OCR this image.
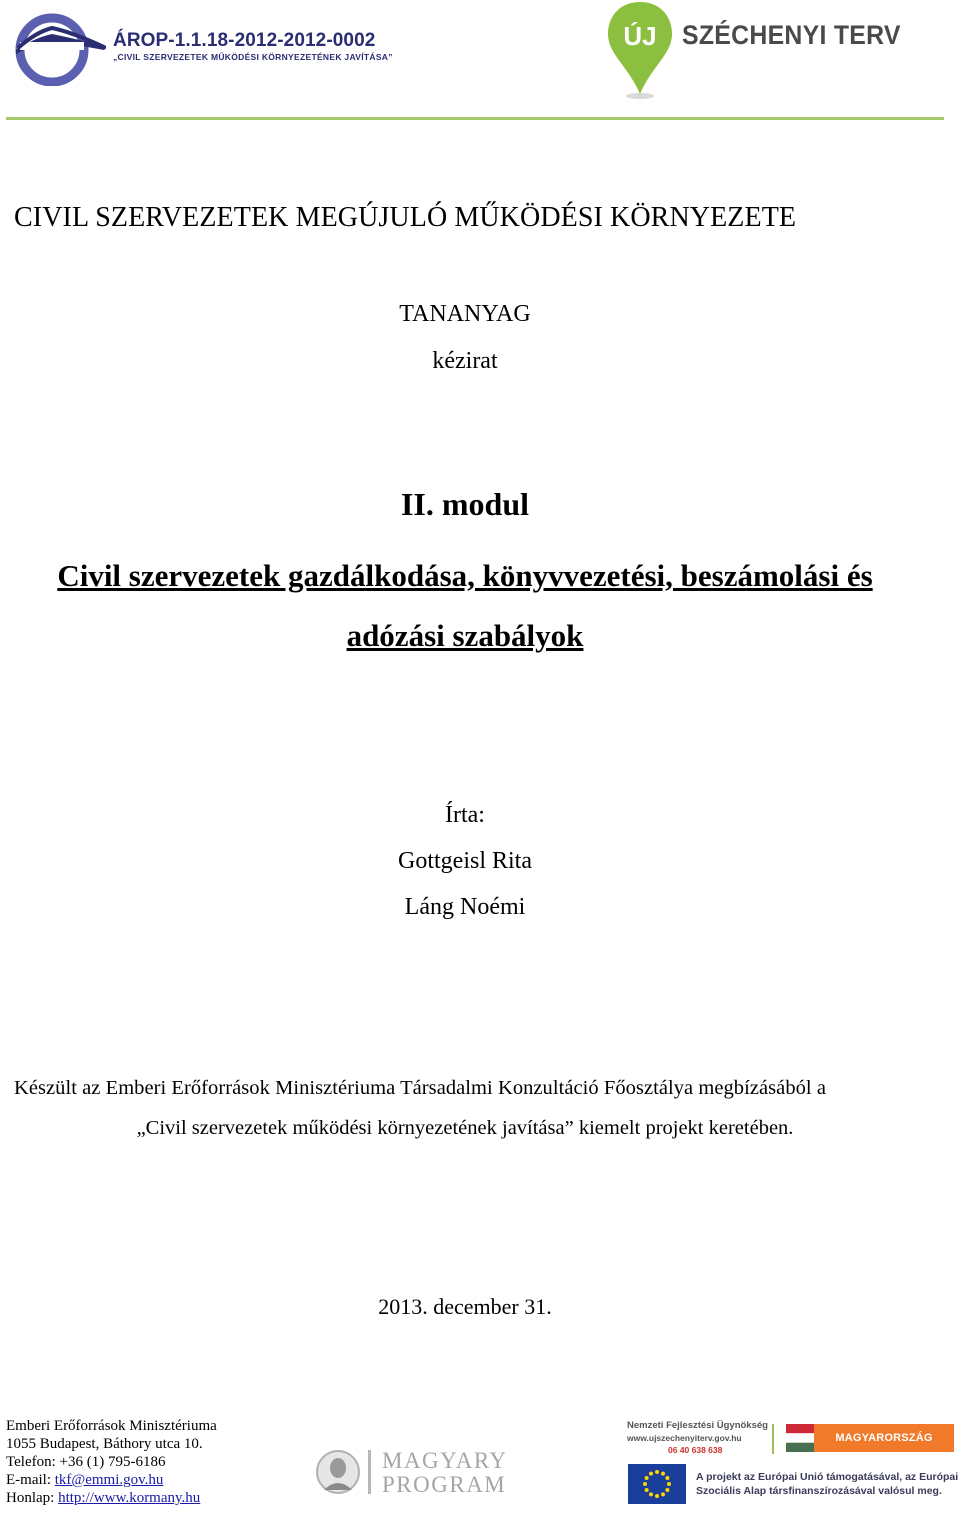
ÁROP-1.1.18-2012-2012-0002
„CIVIL SZERVEZETEK MŰKÖDÉSI KÖRNYEZETÉNEK JAVÍTÁSA”
ÚJ SZÉCHENYI TERV
CIVIL SZERVEZETEK MEGÚJULÓ MŰKÖDÉSI KÖRNYEZETE
TANANYAG
kézirat
II. modul
Civil szervezetek gazdálkodása, könyvvezetési, beszámolási és adózási szabályok
Írta:
Gottgeisl Rita
Láng Noémi
Készült az Emberi Erőforrások Minisztériuma Társadalmi Konzultáció Főosztálya megbízásából a
„Civil szervezetek működési környezetének javítása” kiemelt projekt keretében.
2013. december 31.
Emberi Erőforrások Minisztériuma
1055 Budapest, Báthory utca 10.
Telefon: +36 (1) 795-6186
E-mail: tkf@emmi.gov.hu
Honlap: http://www.kormany.hu
MAGYARY
PROGRAM
Nemzeti Fejlesztési Ügynökség
www.ujszechenyiterv.gov.hu
06 40 638 638
MAGYARORSZÁG MEGÚJUL
A projekt az Európai Unió támogatásával, az Európai
Szociális Alap társfinanszírozásával valósul meg.
